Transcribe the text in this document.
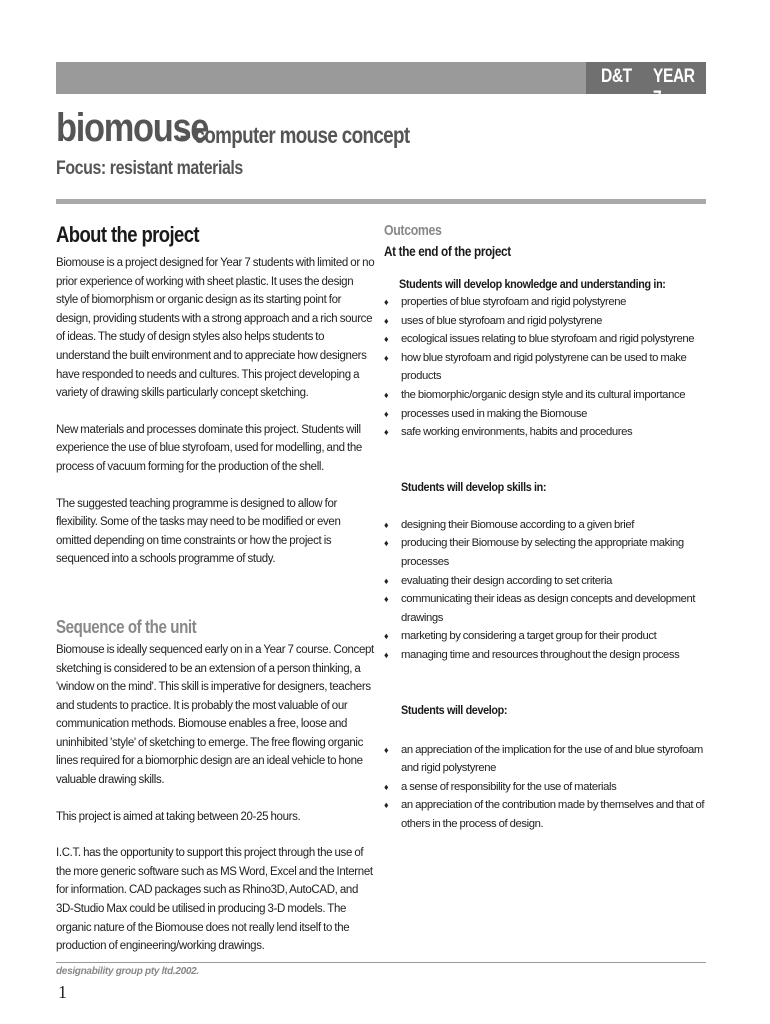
D&T YEAR 7
biomouse
– computer mouse concept
Focus: resistant materials
About the project

Biomouse is a project designed for Year 7 students with limited or no prior experience of working with sheet plastic. It uses the design style of biomorphism or organic design as its starting point for design, providing students with a strong approach and a rich source of ideas. The study of design styles also helps students to understand the built environment and to appreciate how designers have responded to needs and cultures. This project developing a variety of drawing skills particularly concept sketching.

New materials and processes dominate this project. Students will experience the use of blue styrofoam, used for modelling, and the process of vacuum forming for the production of the shell.

The suggested teaching programme is designed to allow for flexibility. Some of the tasks may need to be modified or even omitted depending on time constraints or how the project is sequenced into a schools programme of study.

Sequence of the unit

Biomouse is ideally sequenced early on in a Year 7 course. Concept sketching is considered to be an extension of a person thinking, a 'window on the mind'. This skill is imperative for designers, teachers and students to practice. It is probably the most valuable of our communication methods. Biomouse enables a free, loose and uninhibited 'style' of sketching to emerge. The free flowing organic lines required for a biomorphic design are an ideal vehicle to hone valuable drawing skills.

This project is aimed at taking between 20-25 hours.

I.C.T. has the opportunity to support this project through the use of the more generic software such as MS Word, Excel and the Internet for information. CAD packages such as Rhino3D, AutoCAD, and 3D-Studio Max could be utilised in producing 3-D models. The organic nature of the Biomouse does not really lend itself to the production of engineering/working drawings.

Outcomes
At the end of the project
Students will develop knowledge and understanding in:
♦ properties of blue styrofoam and rigid polystyrene
♦ uses of blue styrofoam and rigid polystyrene
♦ ecological issues relating to blue styrofoam and rigid polystyrene
♦ how blue styrofoam and rigid polystyrene can be used to make products
♦ the biomorphic/organic design style and its cultural importance
♦ processes used in making the Biomouse
♦ safe working environments, habits and procedures
Students will develop skills in:
♦ designing their Biomouse according to a given brief
♦ producing their Biomouse by selecting the appropriate making processes
♦ evaluating their design according to set criteria
♦ communicating their ideas as design concepts and development drawings
♦ marketing by considering a target group for their product
♦ managing time and resources throughout the design process
Students will develop:
♦ an appreciation of the implication for the use of and blue styrofoam and rigid polystyrene
♦ a sense of responsibility for the use of materials
♦ an appreciation of the contribution made by themselves and that of others in the process of design.
designability group pty ltd.2002.
1
